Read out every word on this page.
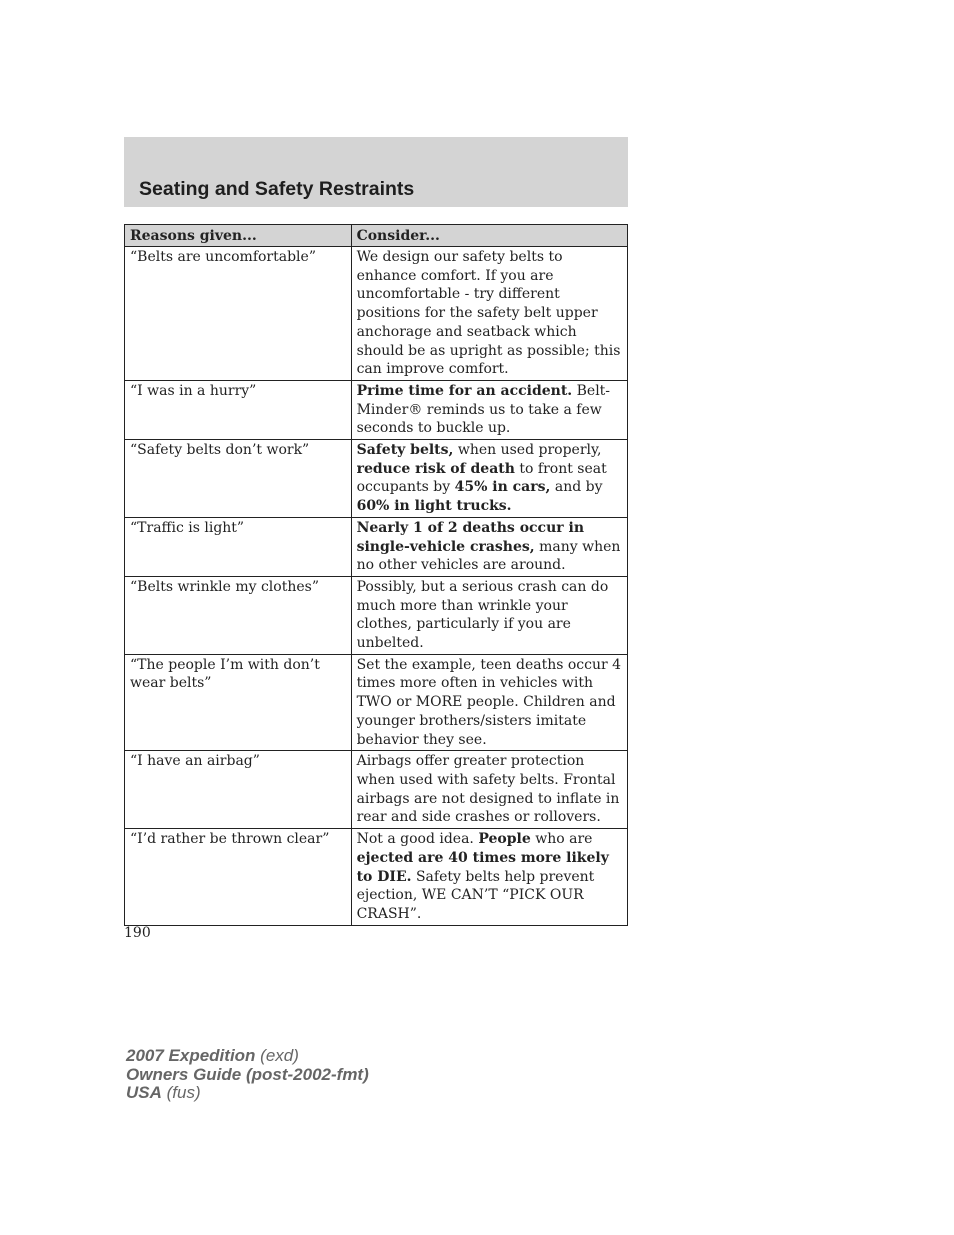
Seating and Safety Restraints
Reasons given...	Consider...
“Belts are uncomfortable”	We design our safety belts to enhance comfort. If you are uncomfortable - try different positions for the safety belt upper anchorage and seatback which should be as upright as possible; this can improve comfort.
“I was in a hurry”	Prime time for an accident. Belt-Minder® reminds us to take a few seconds to buckle up.
“Safety belts don’t work”	Safety belts, when used properly, reduce risk of death to front seat occupants by 45% in cars, and by 60% in light trucks.
“Traffic is light”	Nearly 1 of 2 deaths occur in single-vehicle crashes, many when no other vehicles are around.
“Belts wrinkle my clothes”	Possibly, but a serious crash can do much more than wrinkle your clothes, particularly if you are unbelted.
“The people I’m with don’t wear belts”	Set the example, teen deaths occur 4 times more often in vehicles with TWO or MORE people. Children and younger brothers/sisters imitate behavior they see.
“I have an airbag”	Airbags offer greater protection when used with safety belts. Frontal airbags are not designed to inflate in rear and side crashes or rollovers.
“I’d rather be thrown clear”	Not a good idea. People who are ejected are 40 times more likely to DIE. Safety belts help prevent ejection, WE CAN’T “PICK OUR CRASH”.
190
2007 Expedition (exd)
Owners Guide (post-2002-fmt)
USA (fus)
